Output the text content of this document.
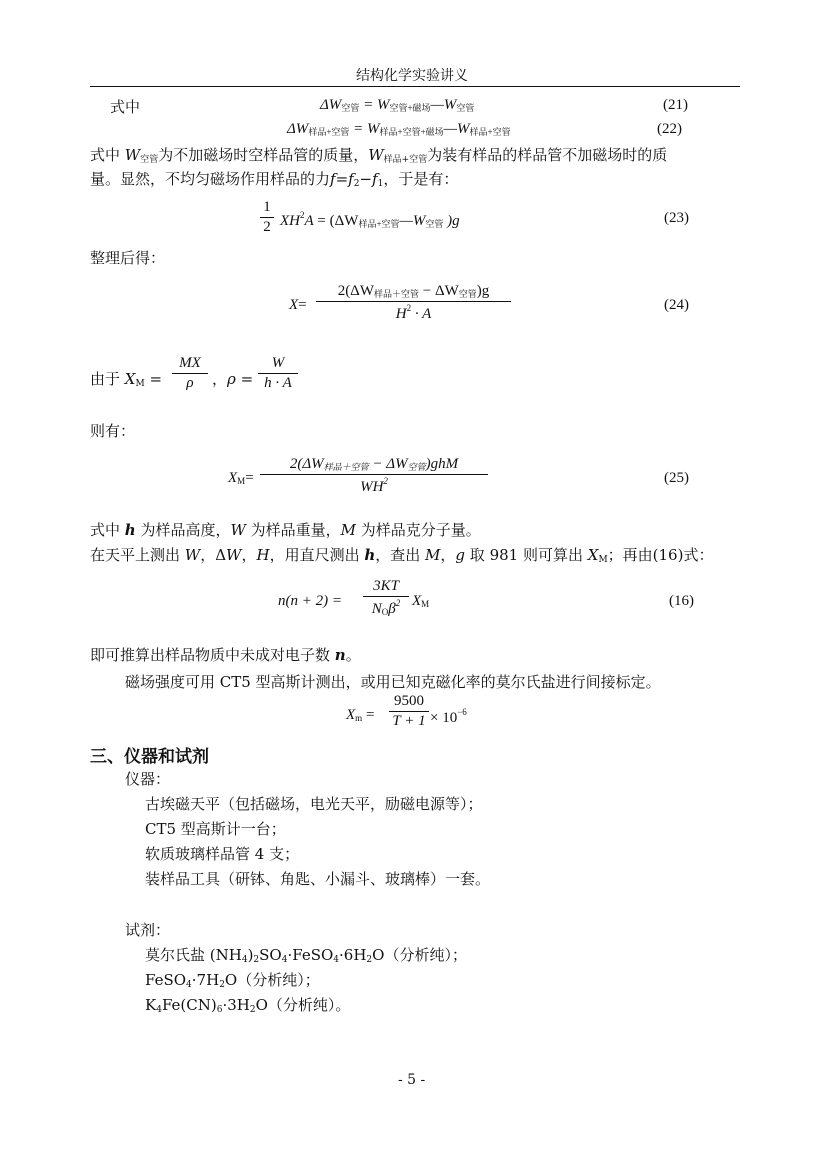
结构化学实验讲义
式中	ΔW空管 = W空管+磁场—W空管	(21)
ΔW样品+空管 = W样品+空管+磁场—W样品+空管	(22)
式中 W空管为不加磁场时空样品管的质量，W样品+空管为装有样品的样品管不加磁场时的质
量。显然，不均匀磁场作用样品的力f=f2−f1，于是有：
1
2 $XH^2A = (\Delta W$样品+空管—W空管 )g	(23)
整理后得：
X=
2(ΔW样品＋空管 − ΔW空管)g
$H^2 \cdot A$
(24)
由于 XM =
MX
ρ	，ρ =
W
h · A
则有：
XM=
2(ΔW样品＋空管 − ΔW空管)ghM
$WH^2$	(25)
式中 h 为样品高度，W 为样品重量，M 为样品克分子量。
在天平上测出 W，ΔW，H，用直尺测出 h，查出 M，g 取 981 则可算出 XM；再由(16)式：
n(n + 2) =
3KT
NOβ$^2$ XM	(16)
即可推算出样品物质中未成对电子数 n。
磁场强度可用 CT5 型高斯计测出，或用已知克磁化率的莫尔氏盐进行间接标定。
Xm =
9500
$T + 1 \times 10^{-6}$
三、仪器和试剂
仪器：
古埃磁天平（包括磁场，电光天平，励磁电源等）；
CT5 型高斯计一台；
软质玻璃样品管 4 支；
装样品工具（研钵、角匙、小漏斗、玻璃棒）一套。
试剂：
莫尔氏盐 (NH4)2SO4·FeSO4·6H2O（分析纯）；
FeSO4·7H2O（分析纯）；
K4Fe(CN)6·3H2O（分析纯）。
- 5 -
